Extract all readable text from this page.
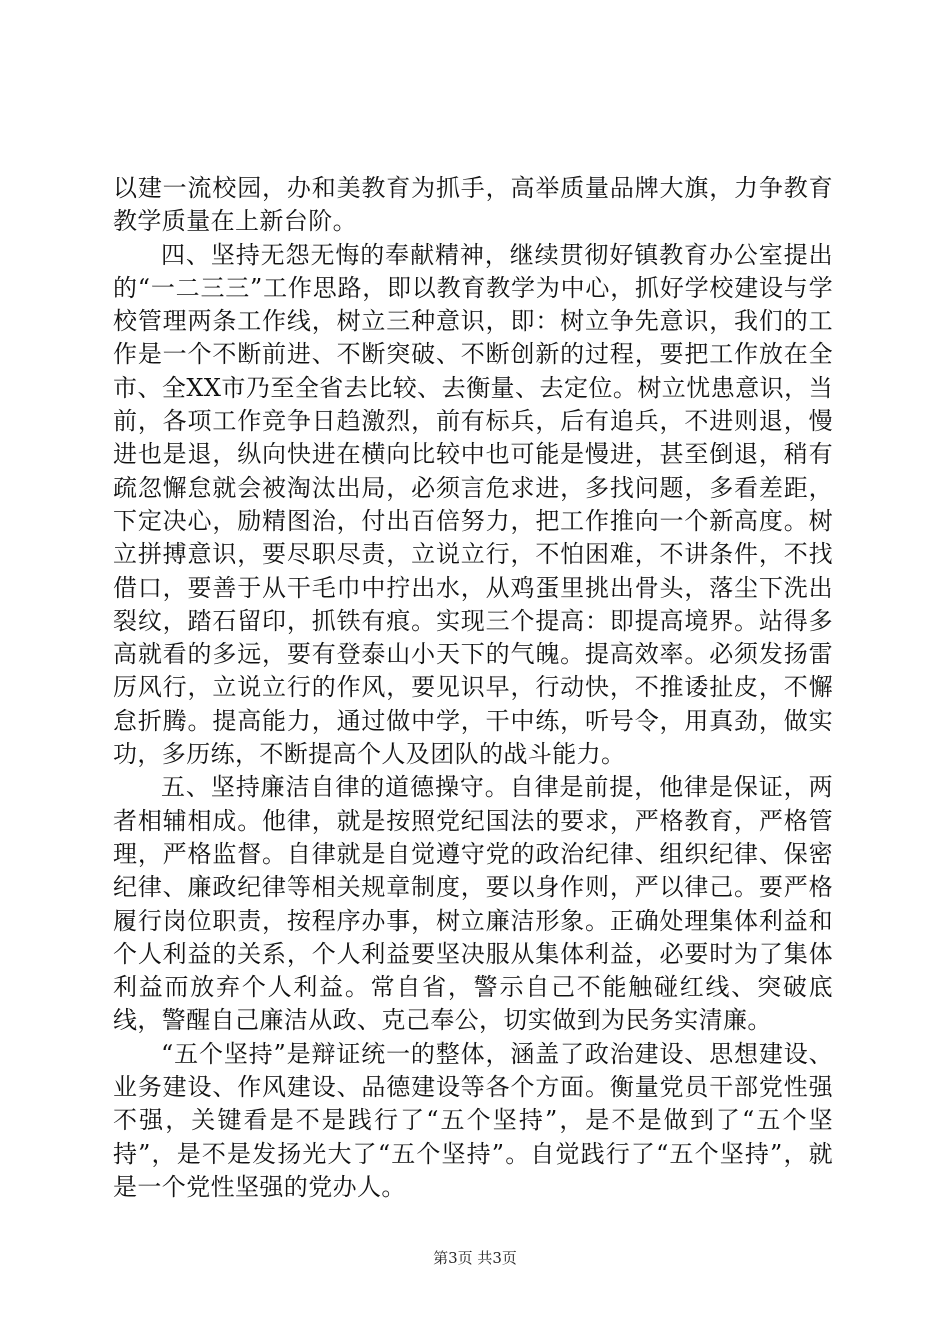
以建一流校园，办和美教育为抓手，高举质量品牌大旗，力争教育教学质量在上新台阶。

四、坚持无怨无悔的奉献精神，继续贯彻好镇教育办公室提出的“一二三三”工作思路，即以教育教学为中心，抓好学校建设与学校管理两条工作线，树立三种意识，即：树立争先意识，我们的工作是一个不断前进、不断突破、不断创新的过程，要把工作放在全市、全XX市乃至全省去比较、去衡量、去定位。树立忧患意识，当前，各项工作竞争日趋激烈，前有标兵，后有追兵，不进则退，慢进也是退，纵向快进在横向比较中也可能是慢进，甚至倒退，稍有疏忽懈怠就会被淘汰出局，必须言危求进，多找问题，多看差距，下定决心，励精图治，付出百倍努力，把工作推向一个新高度。树立拼搏意识，要尽职尽责，立说立行，不怕困难，不讲条件，不找借口，要善于从干毛巾中拧出水，从鸡蛋里挑出骨头，落尘下洗出裂纹，踏石留印，抓铁有痕。实现三个提高：即提高境界。站得多高就看的多远，要有登泰山小天下的气魄。提高效率。必须发扬雷厉风行，立说立行的作风，要见识早，行动快，不推诿扯皮，不懈怠折腾。提高能力，通过做中学，干中练，听号令，用真劲，做实功，多历练，不断提高个人及团队的战斗能力。

五、坚持廉洁自律的道德操守。自律是前提，他律是保证，两者相辅相成。他律，就是按照党纪国法的要求，严格教育，严格管理，严格监督。自律就是自觉遵守党的政治纪律、组织纪律、保密纪律、廉政纪律等相关规章制度，要以身作则，严以律己。要严格履行岗位职责，按程序办事，树立廉洁形象。正确处理集体利益和个人利益的关系，个人利益要坚决服从集体利益，必要时为了集体利益而放弃个人利益。常自省，警示自己不能触碰红线、突破底线，警醒自己廉洁从政、克己奉公，切实做到为民务实清廉。

“五个坚持”是辩证统一的整体，涵盖了政治建设、思想建设、业务建设、作风建设、品德建设等各个方面。衡量党员干部党性强不强，关键看是不是践行了“五个坚持”，是不是做到了“五个坚持”，是不是发扬光大了“五个坚持”。自觉践行了“五个坚持”，就是一个党性坚强的党办人。

第3页 共3页
